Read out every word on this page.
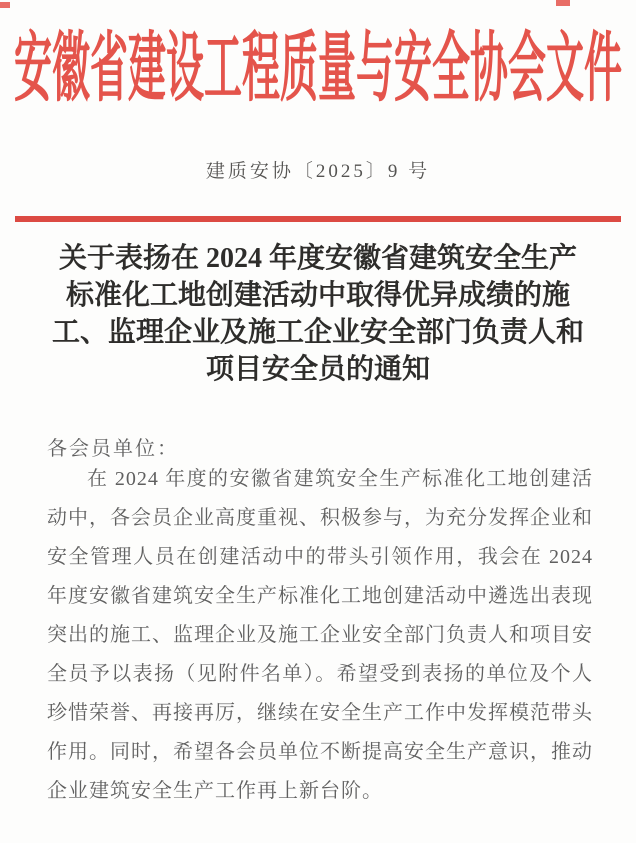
安徽省建设工程质量与安全协会文件
建质安协〔2025〕9 号
关于表扬在 2024 年度安徽省建筑安全生产
标准化工地创建活动中取得优异成绩的施
工、监理企业及施工企业安全部门负责人和
项目安全员的通知
各会员单位：
在 2024 年度的安徽省建筑安全生产标准化工地创建活动中，各会员企业高度重视、积极参与，为充分发挥企业和安全管理人员在创建活动中的带头引领作用，我会在 2024 年度安徽省建筑安全生产标准化工地创建活动中遴选出表现突出的施工、监理企业及施工企业安全部门负责人和项目安全员予以表扬（见附件名单）。希望受到表扬的单位及个人珍惜荣誉、再接再厉，继续在安全生产工作中发挥模范带头作用。同时，希望各会员单位不断提高安全生产意识，推动企业建筑安全生产工作再上新台阶。
